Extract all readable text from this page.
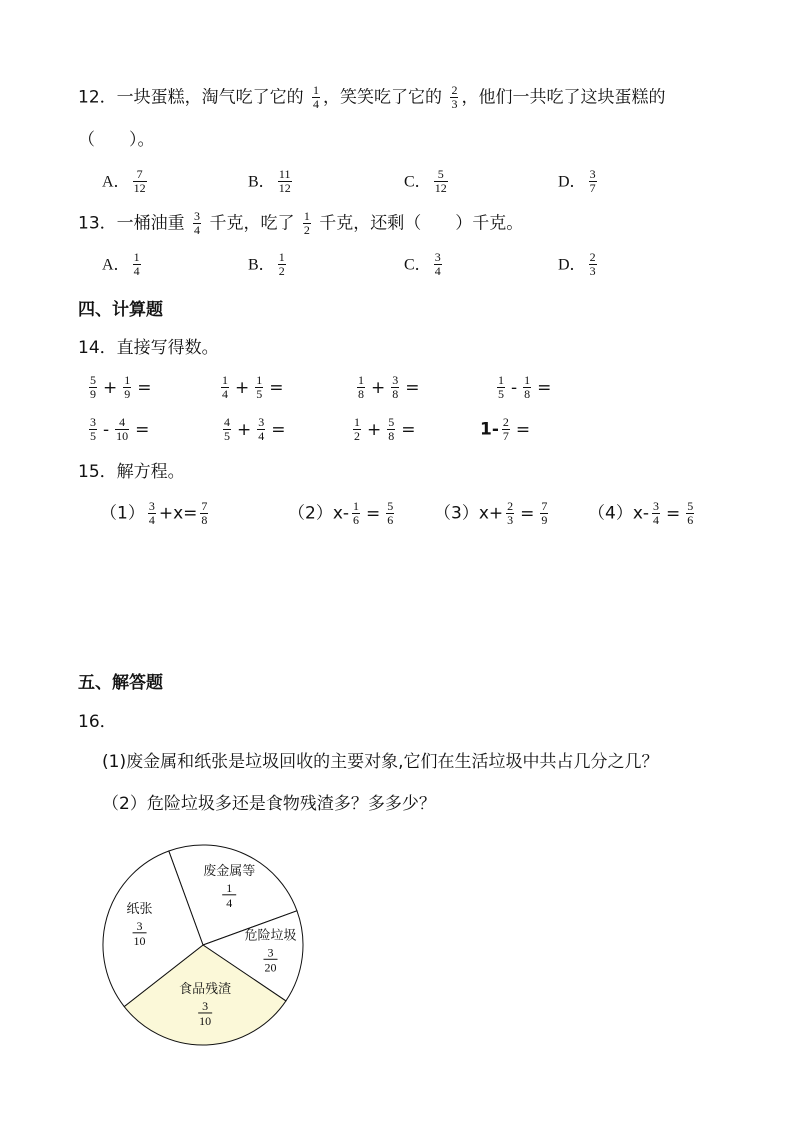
12．一块蛋糕，淘气吃了它的 $\frac{1}{4}$ ，笑笑吃了它的 $\frac{2}{3}$ ，他们一共吃了这块蛋糕的
（　　）。
A． $\frac{7}{12}$	B． $\frac{11}{12}$	C． $\frac{5}{12}$	D． $\frac{3}{7}$
13．一桶油重 $\frac{3}{4}$ 千克，吃了 $\frac{1}{2}$ 千克，还剩（　　）千克。
A． $\frac{1}{4}$	B． $\frac{1}{2}$	C． $\frac{3}{4}$	D． $\frac{2}{3}$
四、计算题
14．直接写得数。
$\frac{5}{9} + \frac{1}{9}$ =	$\frac{1}{4} + \frac{1}{5}$ =	$\frac{1}{8} + \frac{3}{8}$ =	$\frac{1}{5} - \frac{1}{8}$ =
$\frac{3}{5} - \frac{4}{10}$ =	$\frac{4}{5} + \frac{3}{4}$ =	$\frac{1}{2} + \frac{5}{8}$ =	$1- \frac{2}{7}$ =
15．解方程。
$(1) \frac{3}{4} +x= \frac{7}{8}$	$(2)x- \frac{1}{6} = \frac{5}{6} (3)x+ \frac{2}{3} = \frac{7}{9} (4)x- \frac{3}{4} = \frac{5}{6}$
五、解答题
16．
(1)废金属和纸张是垃圾回收的主要对象,它们在生活垃圾中共占几分之几？
（2）危险垃圾多还是食物残渣多？多多少？
废金属等
1
4
危险垃圾
3
20
食品残渣
3
10
纸张
3
10
